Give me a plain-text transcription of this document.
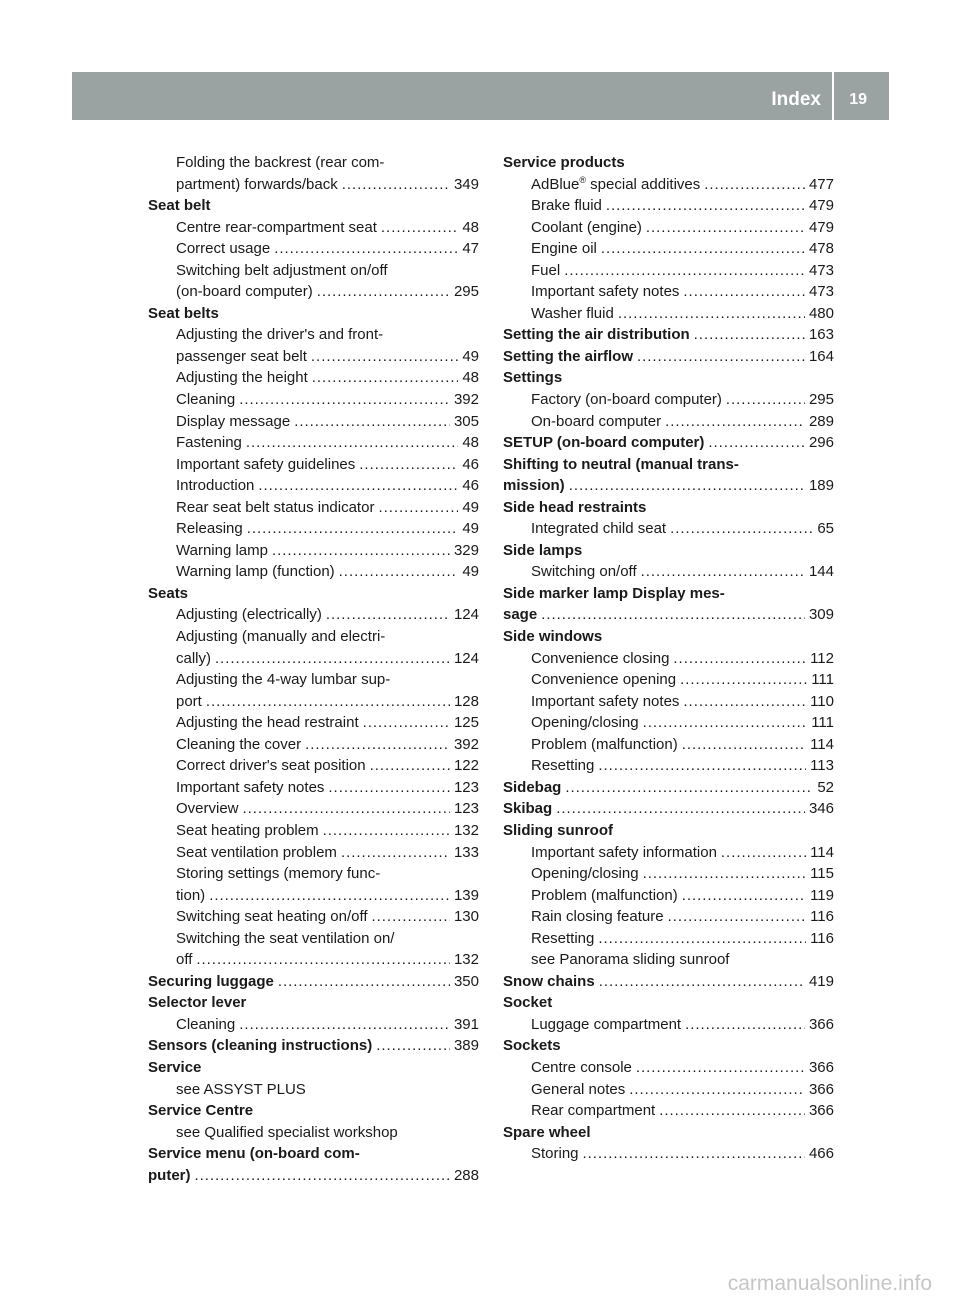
Index 19
Folding the backrest (rear com-
partment) forwards/back . . .	349
Seat belt
Centre rear-compartment seat . . .	48
Correct usage . . .	47
Switching belt adjustment on/off
(on-board computer) . . .	295
Seat belts
Adjusting the driver's and front-
passenger seat belt . . .	49
Adjusting the height . . .	48
Cleaning . . .	392
Display message . . .	305
Fastening . . .	48
Important safety guidelines . . .	46
Introduction . . .	46
Rear seat belt status indicator . . .	49
Releasing . . .	49
Warning lamp . . .	329
Warning lamp (function) . . .	49
Seats
Adjusting (electrically) . . .	124
Adjusting (manually and electri-
cally) . . .	124
Adjusting the 4-way lumbar sup-
port . . .	128
Adjusting the head restraint . . .	125
Cleaning the cover . . .	392
Correct driver's seat position . . .	122
Important safety notes . . .	123
Overview . . .	123
Seat heating problem . . .	132
Seat ventilation problem . . .	133
Storing settings (memory func-
tion) . . .	139
Switching seat heating on/off . . .	130
Switching the seat ventilation on/
off . . .	132
Securing luggage . . .	350
Selector lever
Cleaning . . .	391
Sensors (cleaning instructions) . . .	389
Service
see ASSYST PLUS
Service Centre
see Qualified specialist workshop
Service menu (on-board com-
puter) . . .	288
Service products
AdBlue® special additives . . .	477
Brake fluid . . .	479
Coolant (engine) . . .	479
Engine oil . . .	478
Fuel . . .	473
Important safety notes . . .	473
Washer fluid . . .	480
Setting the air distribution . . .	163
Setting the airflow . . .	164
Settings
Factory (on-board computer) . . .	295
On-board computer . . .	289
SETUP (on-board computer) . . .	296
Shifting to neutral (manual trans-
mission) . . .	189
Side head restraints
Integrated child seat . . .	65
Side lamps
Switching on/off . . .	144
Side marker lamp Display mes-
sage . . .	309
Side windows
Convenience closing . . .	112
Convenience opening . . .	111
Important safety notes . . .	110
Opening/closing . . .	111
Problem (malfunction) . . .	114
Resetting . . .	113
Sidebag . . .	52
Skibag . . .	346
Sliding sunroof
Important safety information . . .	114
Opening/closing . . .	115
Problem (malfunction) . . .	119
Rain closing feature . . .	116
Resetting . . .	116
see Panorama sliding sunroof
Snow chains . . .	419
Socket
Luggage compartment . . .	366
Sockets
Centre console . . .	366
General notes . . .	366
Rear compartment . . .	366
Spare wheel
Storing . . .	466
carmanualsonline.info
